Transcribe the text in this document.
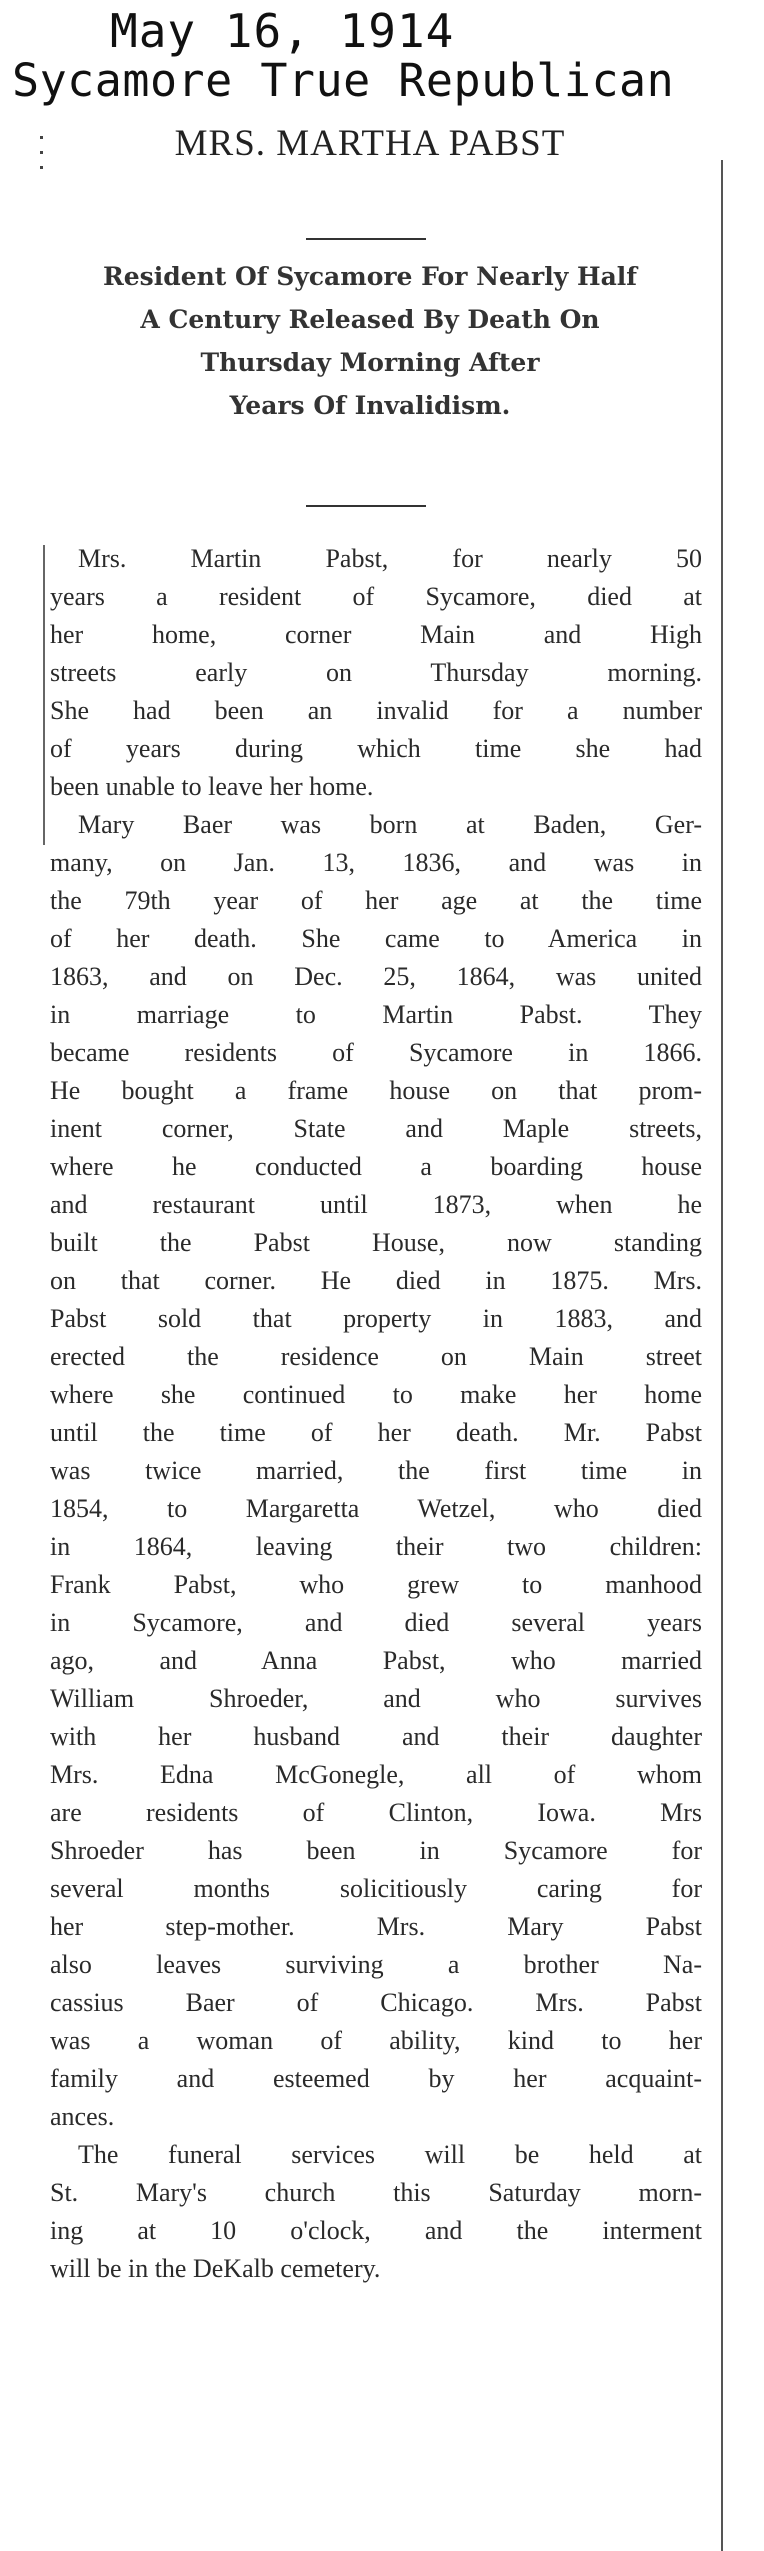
May 16, 1914
Sycamore True Republican
MRS. MARTHA PABST
Resident Of Sycamore For Nearly Half
A Century Released By Death On
Thursday Morning After
Years Of Invalidism.
Mrs. Martin Pabst, for nearly 50
years a resident of Sycamore, died at
her home, corner Main and High
streets early on Thursday morning.
She had been an invalid for a number
of years during which time she had
been unable to leave her home.
Mary Baer was born at Baden, Ger-
many, on Jan. 13, 1836, and was in
the 79th year of her age at the time
of her death. She came to America in
1863, and on Dec. 25, 1864, was united
in marriage to Martin Pabst. They
became residents of Sycamore in 1866.
He bought a frame house on that prom-
inent corner, State and Maple streets,
where he conducted a boarding house
and restaurant until 1873, when he
built the Pabst House, now standing
on that corner. He died in 1875. Mrs.
Pabst sold that property in 1883, and
erected the residence on Main street
where she continued to make her home
until the time of her death. Mr. Pabst
was twice married, the first time in
1854, to Margaretta Wetzel, who died
in 1864, leaving their two children:
Frank Pabst, who grew to manhood
in Sycamore, and died several years
ago, and Anna Pabst, who married
William Shroeder, and who survives
with her husband and their daughter
Mrs. Edna McGonegle, all of whom
are residents of Clinton, Iowa. Mrs
Shroeder has been in Sycamore for
several months solicitiously caring for
her step-mother. Mrs. Mary Pabst
also leaves surviving a brother Na-
cassius Baer of Chicago. Mrs. Pabst
was a woman of ability, kind to her
family and esteemed by her acquaint-
ances.
The funeral services will be held at
St. Mary's church this Saturday morn-
ing at 10 o'clock, and the interment
will be in the DeKalb cemetery.
